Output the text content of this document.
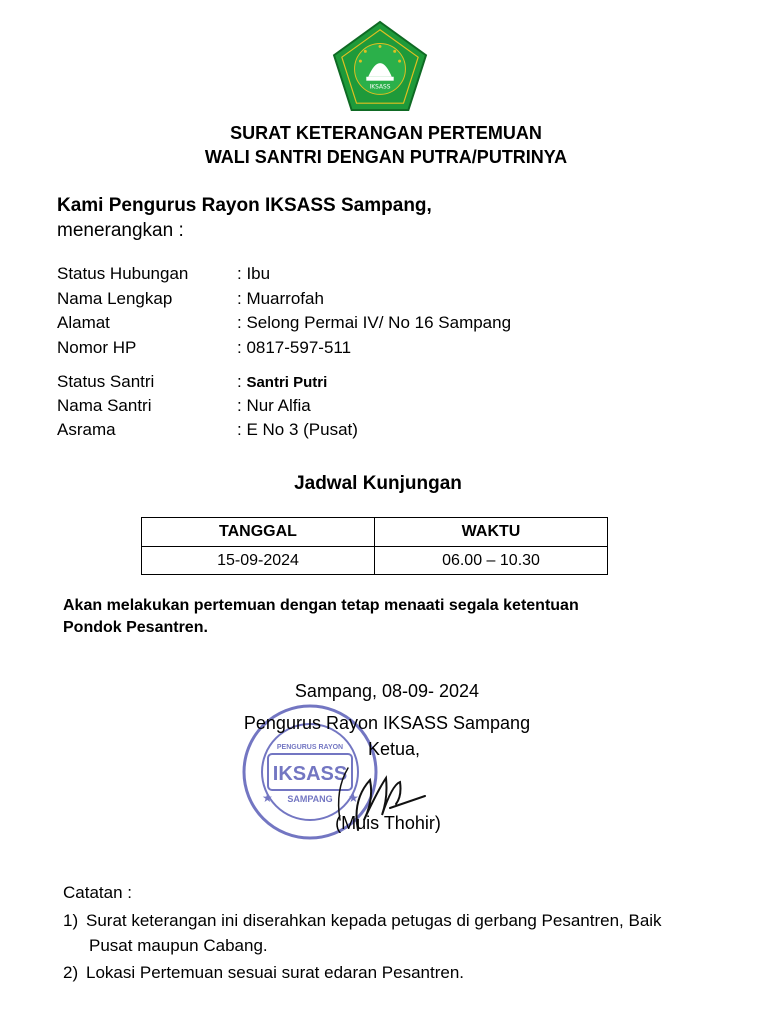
IKSASS
SURAT KETERANGAN PERTEMUAN
WALI SANTRI DENGAN PUTRA/PUTRINYA
Kami Pengurus Rayon IKSASS Sampang,
menerangkan :
Status Hubungan	: Ibu
Nama Lengkap	: Muarrofah
Alamat	: Selong Permai IV/ No 16 Sampang
Nomor HP	: 0817-597-511
Status Santri	: Santri Putri
Nama Santri	: Nur Alfia
Asrama	: E No 3 (Pusat)
Jadwal Kunjungan
TANGGAL	WAKTU
15-09-2024	06.00 – 10.30
Akan melakukan pertemuan dengan tetap menaati segala ketentuan
Pondok Pesantren.
PENGURUS RAYON
IKSASS
SAMPANG
★	★
Sampang, 08-09- 2024
Pengurus Rayon IKSASS Sampang
Ketua,
(Muis Thohir)
Catatan :
1) Surat keterangan ini diserahkan kepada petugas di gerbang Pesantren, Baik
Pusat maupun Cabang.
2) Lokasi Pertemuan sesuai surat edaran Pesantren.
